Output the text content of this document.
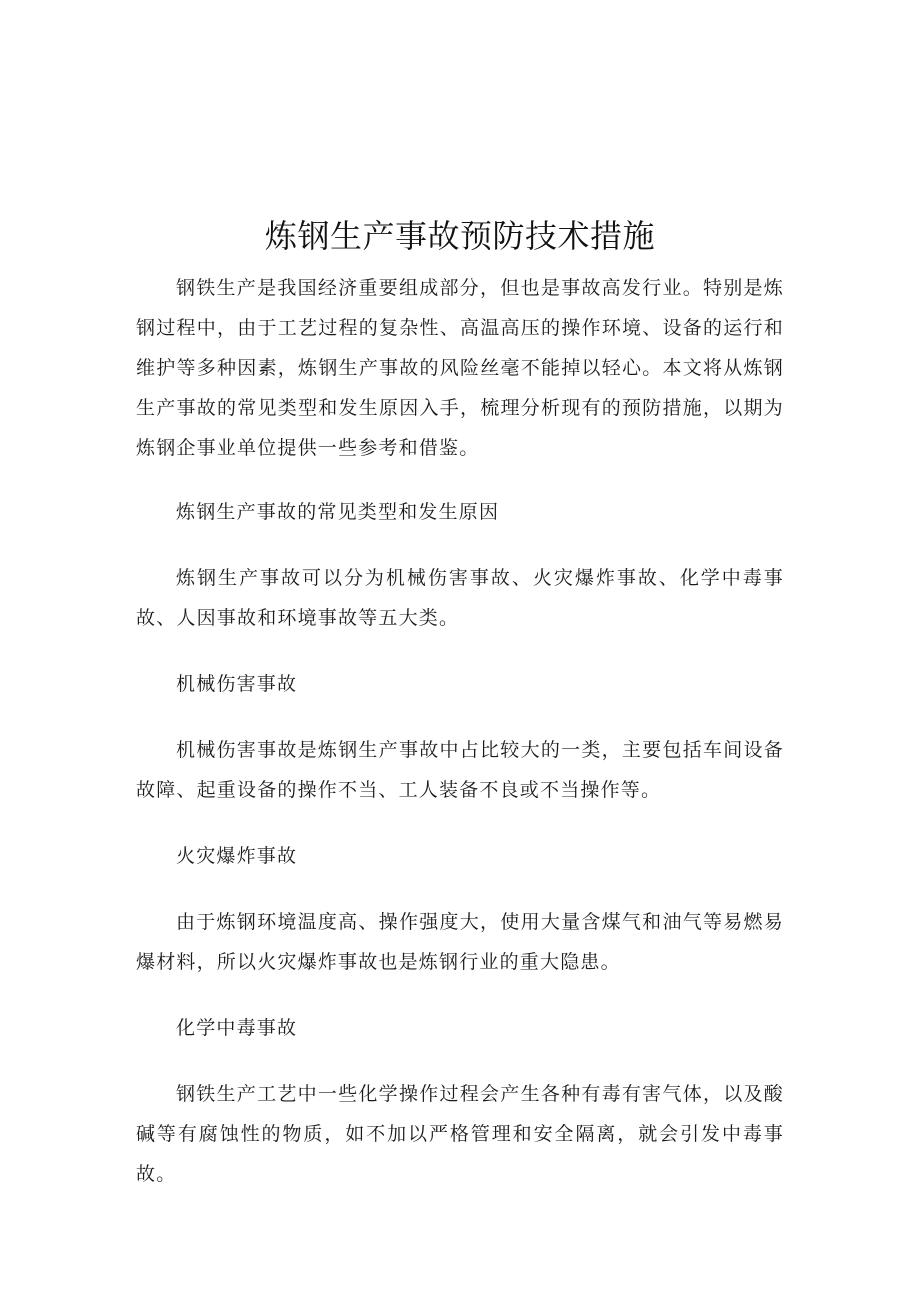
炼钢生产事故预防技术措施

钢铁生产是我国经济重要组成部分，但也是事故高发行业。特别是炼钢过程中，由于工艺过程的复杂性、高温高压的操作环境、设备的运行和维护等多种因素，炼钢生产事故的风险丝毫不能掉以轻心。本文将从炼钢生产事故的常见类型和发生原因入手，梳理分析现有的预防措施，以期为炼钢企事业单位提供一些参考和借鉴。

炼钢生产事故的常见类型和发生原因

炼钢生产事故可以分为机械伤害事故、火灾爆炸事故、化学中毒事故、人因事故和环境事故等五大类。

机械伤害事故

机械伤害事故是炼钢生产事故中占比较大的一类，主要包括车间设备故障、起重设备的操作不当、工人装备不良或不当操作等。

火灾爆炸事故

由于炼钢环境温度高、操作强度大，使用大量含煤气和油气等易燃易爆材料，所以火灾爆炸事故也是炼钢行业的重大隐患。

化学中毒事故

钢铁生产工艺中一些化学操作过程会产生各种有毒有害气体，以及酸碱等有腐蚀性的物质，如不加以严格管理和安全隔离，就会引发中毒事故。
